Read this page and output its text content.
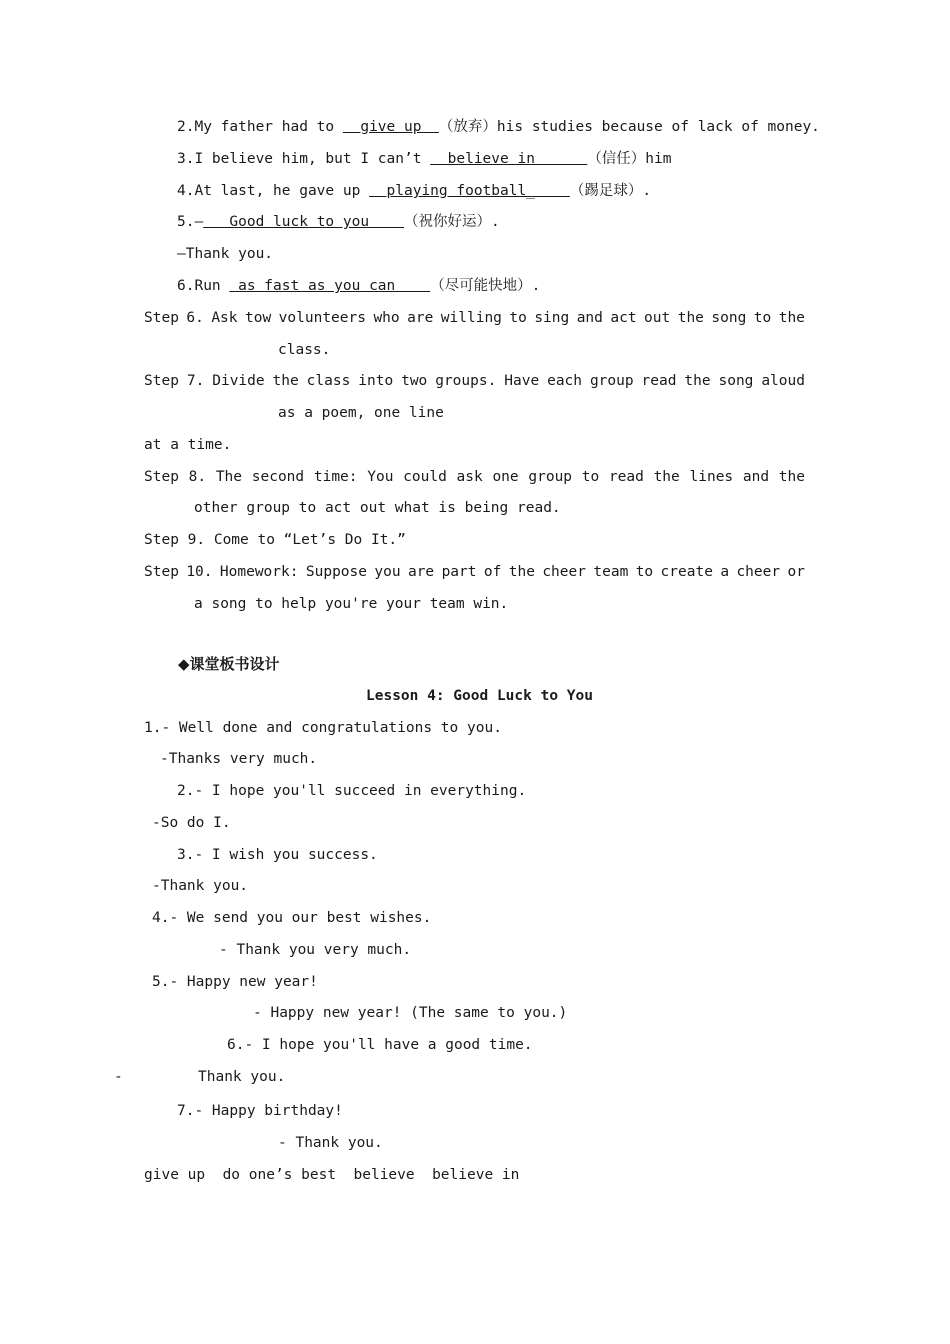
2.My father had to   give up  （放弃）his studies because of lack of money.
3.I believe him, but I can’t   believe in      （信任）him
4.At last, he gave up   playing football_    （踢足球）.
5.—   Good luck to you    （祝你好运）.
—Thank you.
6.Run  as fast as you can    （尽可能快地）.
Step 6. Ask tow volunteers who are willing to sing and act out the song to the
class.
Step 7. Divide the class into two groups. Have each group read the song aloud
as a poem, one line
at a time.
Step 8. The second time: You could ask one group to read the lines and the
other group to act out what is being read.
Step 9. Come to “Let’s Do It.”
Step 10. Homework: Suppose you are part of the cheer team to create a cheer or
a song to help you're your team win.
◆课堂板书设计
Lesson 4: Good Luck to You
1.- Well done and congratulations to you.
-Thanks very much.
2.- I hope you'll succeed in everything.
-So do I.
3.- I wish you success.
-Thank you.
4.- We send you our best wishes.
- Thank you very much.
5.- Happy new year!
- Happy new year! (The same to you.)
6.- I hope you'll have a good time.
-	Thank you.
7.- Happy birthday!
- Thank you.
give up  do one’s best  believe  believe in
